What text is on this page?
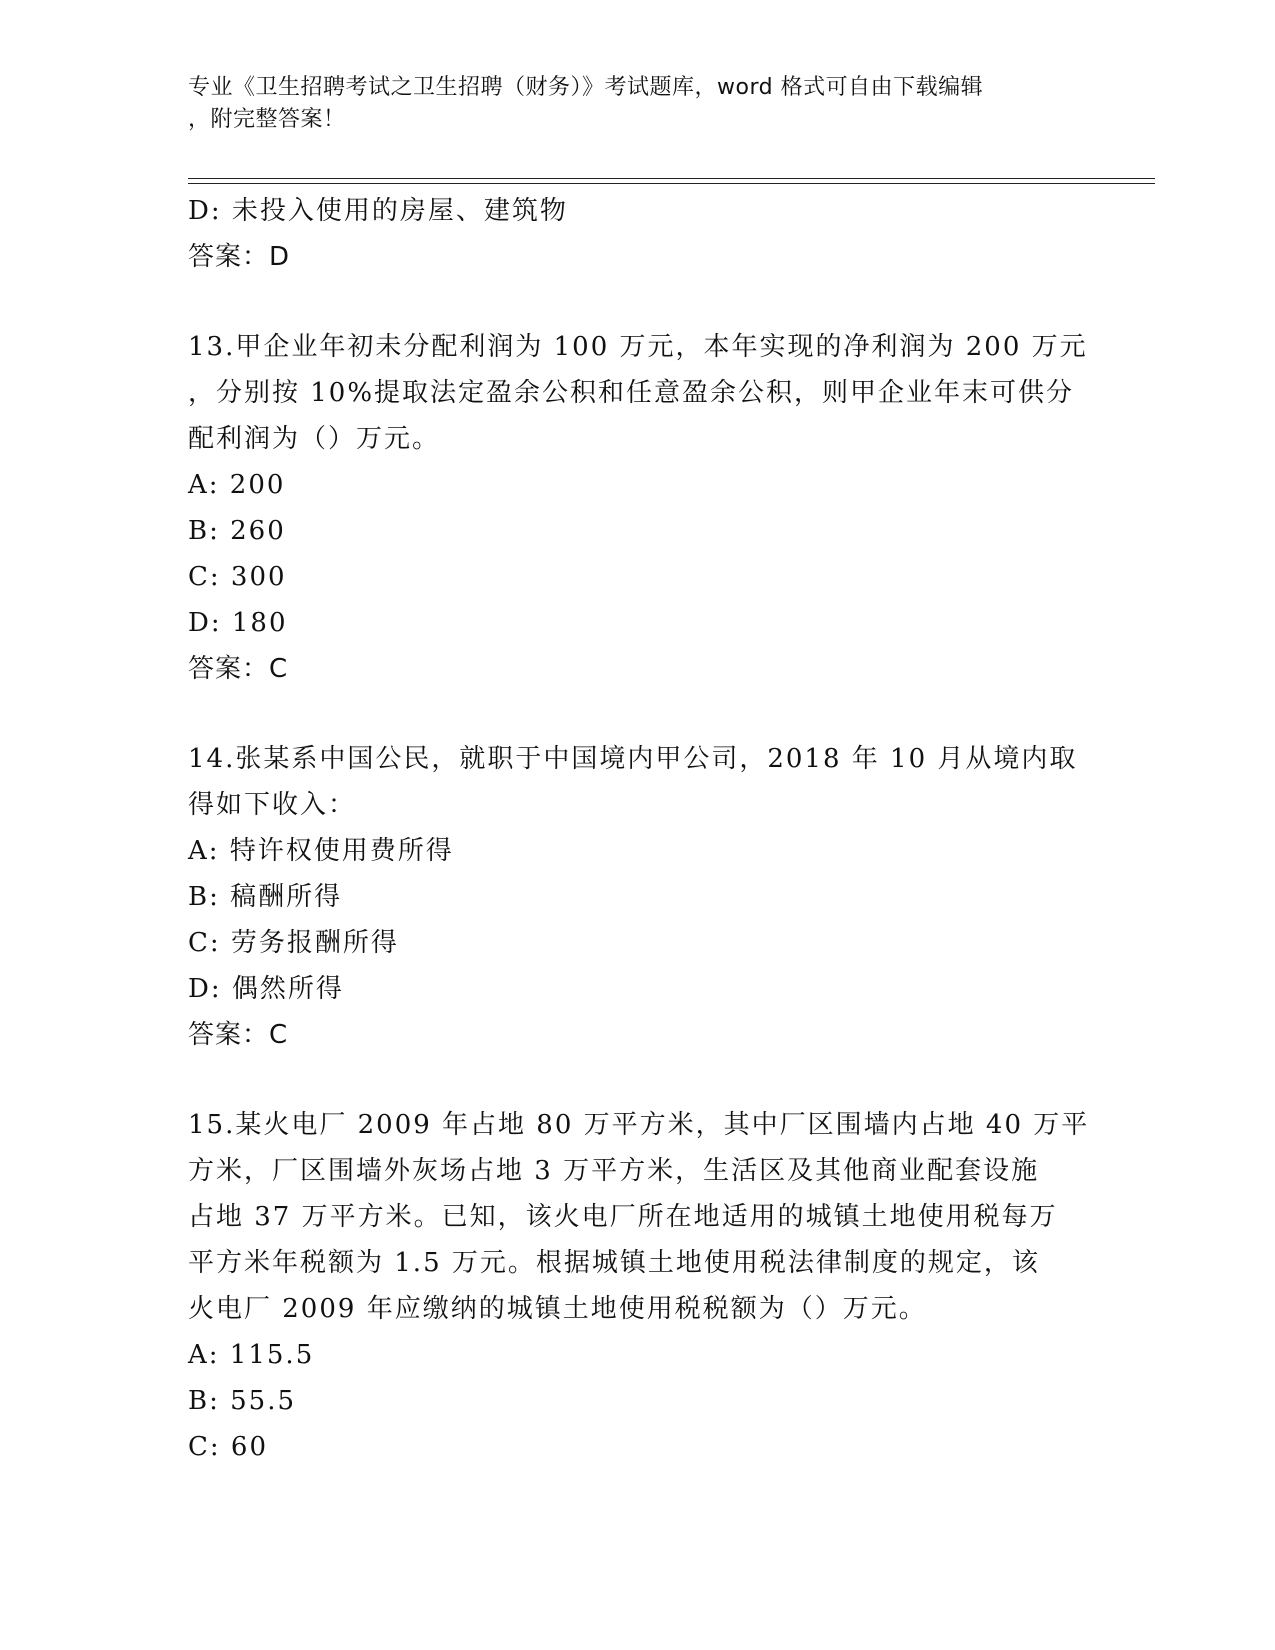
专业《卫生招聘考试之卫生招聘（财务）》考试题库，word 格式可自由下载编辑
，附完整答案！
D: 未投入使用的房屋、建筑物
答案：D
13.甲企业年初未分配利润为 100 万元，本年实现的净利润为 200 万元
，分别按 10%提取法定盈余公积和任意盈余公积，则甲企业年末可供分
配利润为（）万元。
A: 200
B: 260
C: 300
D: 180
答案：C
14.张某系中国公民，就职于中国境内甲公司，2018 年 10 月从境内取
得如下收入：
A: 特许权使用费所得
B: 稿酬所得
C: 劳务报酬所得
D: 偶然所得
答案：C
15.某火电厂 2009 年占地 80 万平方米，其中厂区围墙内占地 40 万平
方米，厂区围墙外灰场占地 3 万平方米，生活区及其他商业配套设施
占地 37 万平方米。已知，该火电厂所在地适用的城镇土地使用税每万
平方米年税额为 1.5 万元。根据城镇土地使用税法律制度的规定，该
火电厂 2009 年应缴纳的城镇土地使用税税额为（）万元。
A: 115.5
B: 55.5
C: 60
